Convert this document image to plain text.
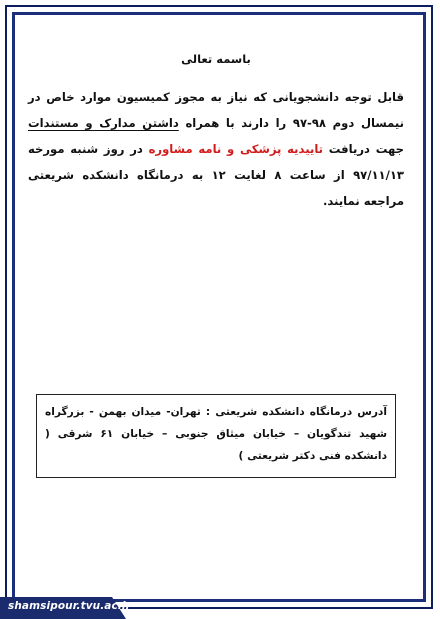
باسمه تعالی

قابل توجه دانشجویانی که نیاز به مجوز کمیسیون موارد خاص در نیمسال دوم ۹۸-۹۷ را دارند با همراه داشتن مدارک و مستندات جهت دریافت تاییدیه پزشکی و نامه مشاوره در روز شنبه مورخه ۹۷/۱۱/۱۳ از ساعت ۸ لغایت ۱۲ به درمانگاه دانشکده شریعتی مراجعه نمایند.

آدرس درمانگاه دانشکده شریعتی : تهران- میدان بهمن - بزرگراه شهید تندگویان – خیابان میثاق جنوبی – خیابان ۶۱ شرقی ( دانشکده فنی دکتر شریعتی )
shamsipour.tvu.ac.ir
